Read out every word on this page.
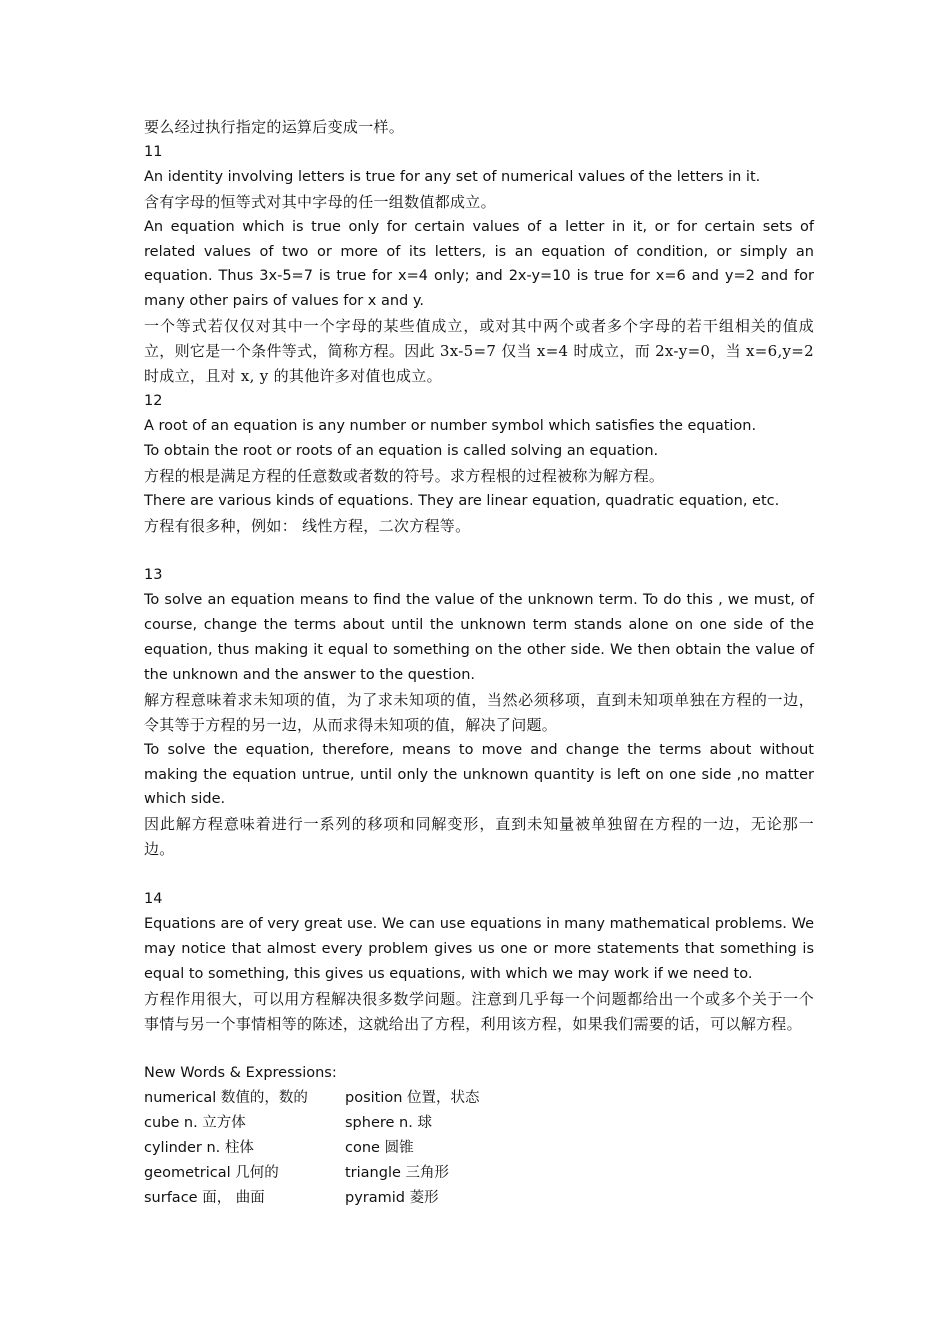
要么经过执行指定的运算后变成一样。
11
An identity involving letters is true for any set of numerical values of the letters in it.
含有字母的恒等式对其中字母的任一组数值都成立。
An equation which is true only for certain values of a letter in it, or for certain sets of related values of two or more of its letters, is an equation of condition, or simply an equation. Thus 3x-5=7 is true for x=4 only; and 2x-y=10 is true for x=6 and y=2 and for many other pairs of values for x and y.
一个等式若仅仅对其中一个字母的某些值成立，或对其中两个或者多个字母的若干组相关的值成立，则它是一个条件等式，简称方程。因此 3x-5=7 仅当 x=4 时成立，而 2x-y=0，当 x=6,y=2 时成立，且对 x, y 的其他许多对值也成立。
12
A root of an equation is any number or number symbol which satisfies the equation.
To obtain the root or roots of an equation is called solving an equation.
方程的根是满足方程的任意数或者数的符号。求方程根的过程被称为解方程。
There are various kinds of equations. They are linear equation, quadratic equation, etc.
方程有很多种，例如： 线性方程，二次方程等。
13
To solve an equation means to find the value of the unknown term. To do this , we must, of course, change the terms about until the unknown term stands alone on one side of the equation, thus making it equal to something on the other side. We then obtain the value of the unknown and the answer to the question.
解方程意味着求未知项的值，为了求未知项的值，当然必须移项，直到未知项单独在方程的一边，令其等于方程的另一边，从而求得未知项的值，解决了问题。
To solve the equation, therefore, means to move and change the terms about without making the equation untrue, until only the unknown quantity is left on one side ,no matter which side.
因此解方程意味着进行一系列的移项和同解变形，直到未知量被单独留在方程的一边，无论那一边。
14
Equations are of very great use. We can use equations in many mathematical problems. We may notice that almost every problem gives us one or more statements that something is equal to something, this gives us equations, with which we may work if we need to.
方程作用很大，可以用方程解决很多数学问题。注意到几乎每一个问题都给出一个或多个关于一个事情与另一个事情相等的陈述，这就给出了方程，利用该方程，如果我们需要的话，可以解方程。
New Words & Expressions:
numerical 数值的，数的	position 位置，状态
cube n. 立方体	sphere n. 球
cylinder n. 柱体	cone 圆锥
geometrical 几何的	triangle 三角形
surface 面， 曲面	pyramid 菱形
